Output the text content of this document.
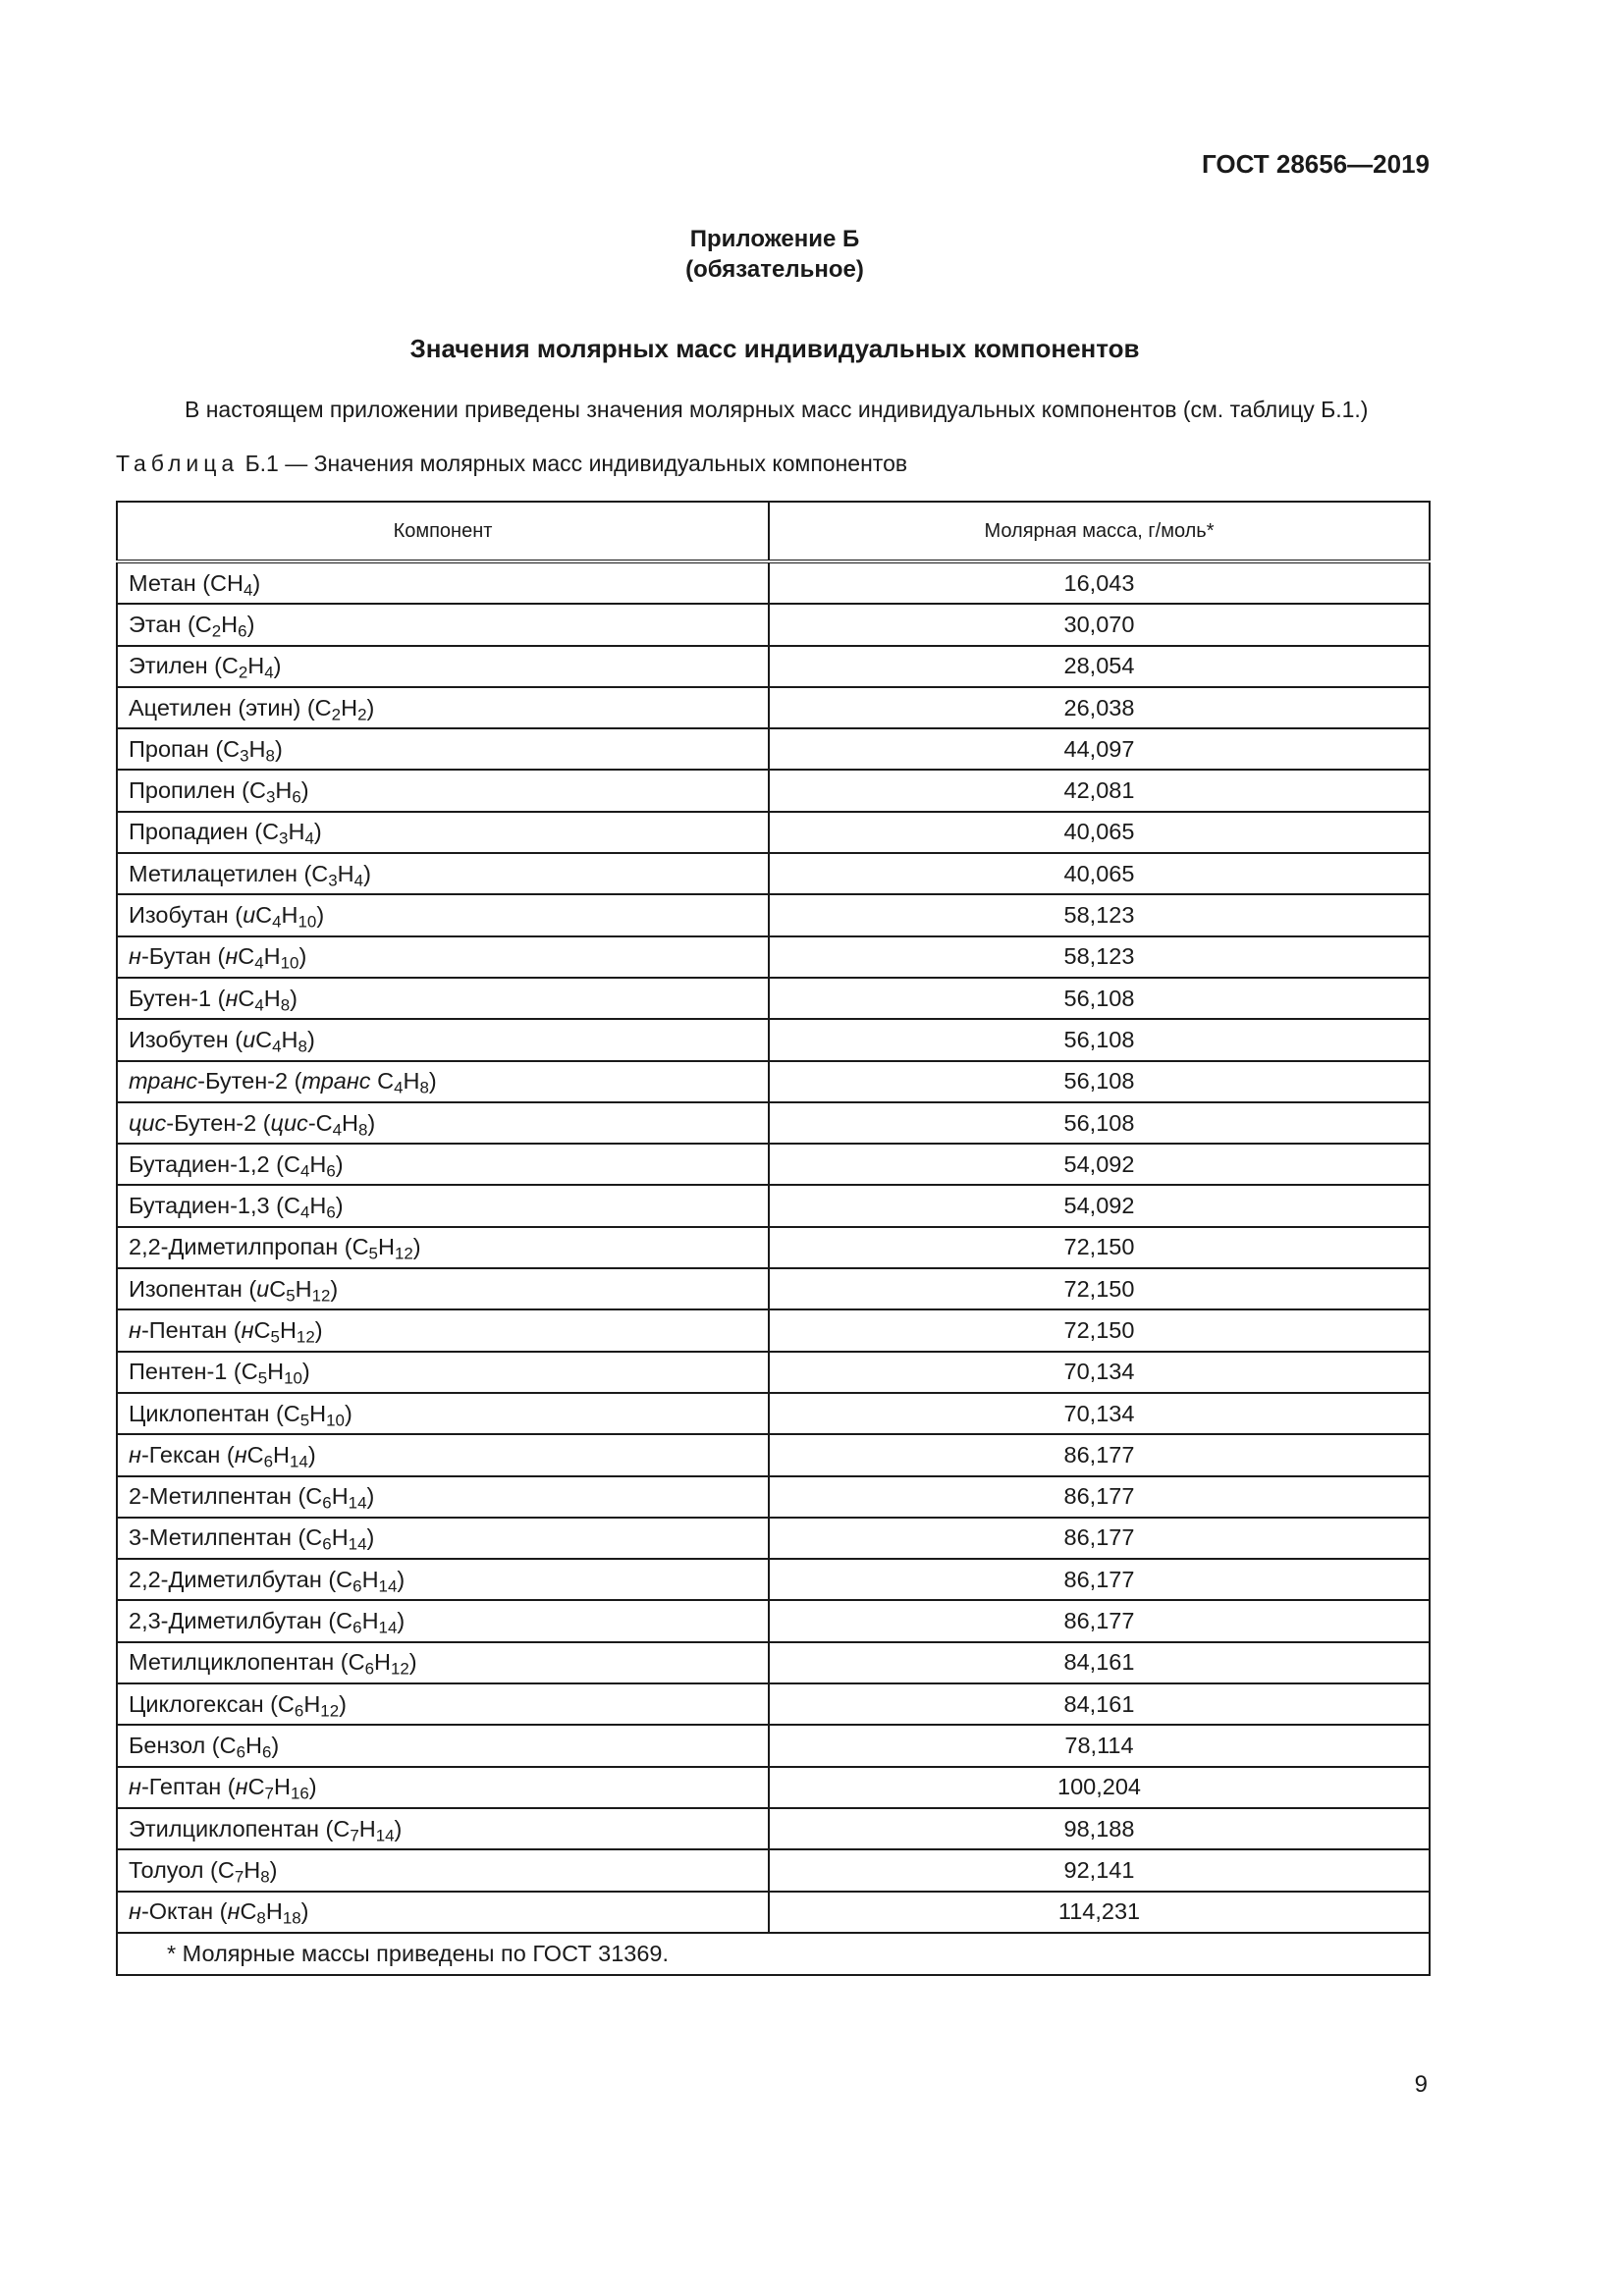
ГОСТ 28656—2019
Приложение Б
(обязательное)
Значения молярных масс индивидуальных компонентов
В настоящем приложении приведены значения молярных масс индивидуальных компонентов (см. таблицу Б.1.)
Таблица Б.1 — Значения молярных масс индивидуальных компонентов
Компонент	Молярная масса, г/моль*
Метан $(CH_4)$	16,043
Этан $(C_2H_6)$	30,070
Этилен $(C_2H_4)$	28,054
Ацетилен (этин) $(C_2H_2)$	26,038
Пропан $(C_3H_8)$	44,097
Пропилен $(C_3H_6)$	42,081
Пропадиен $(C_3H_4)$	40,065
Метилацетилен $(C_3H_4)$	40,065
Изобутан $(иC_4H_{10})$	58,123
н-Бутан $(нC_4H_{10})$	58,123
Бутен-1 $(нC_4H_8)$	56,108
Изобутен $(иC_4H_8)$	56,108
транс-Бутен-2 (транс $C_4H_8$)	56,108
цис-Бутен-2 $(цис-C_4H_8)$	56,108
Бутадиен-1,2 $(C_4H_6)$	54,092
Бутадиен-1,3 $(C_4H_6)$	54,092
2,2-Диметилпропан $(C_5H_{12})$	72,150
Изопентан $(иC_5H_{12})$	72,150
н-Пентан $(нC_5H_{12})$	72,150
Пентен-1 $(C_5H_{10})$	70,134
Циклопентан $(C_5H_{10})$	70,134
н-Гексан $(нC_6H_{14})$	86,177
2-Метилпентан $(C_6H_{14})$	86,177
3-Метилпентан $(C_6H_{14})$	86,177
2,2-Диметилбутан $(C_6H_{14})$	86,177
2,3-Диметилбутан $(C_6H_{14})$	86,177
Метилциклопентан $(C_6H_{12})$	84,161
Циклогексан $(C_6H_{12})$	84,161
Бензол $(C_6H_6)$	78,114
н-Гептан $(нC_7H_{16})$	100,204
Этилциклопентан $(C_7H_{14})$	98,188
Толуол $(C_7H_8)$	92,141
н-Октан $(нC_8H_{18})$	114,231
* Молярные массы приведены по ГОСТ 31369.	
9
